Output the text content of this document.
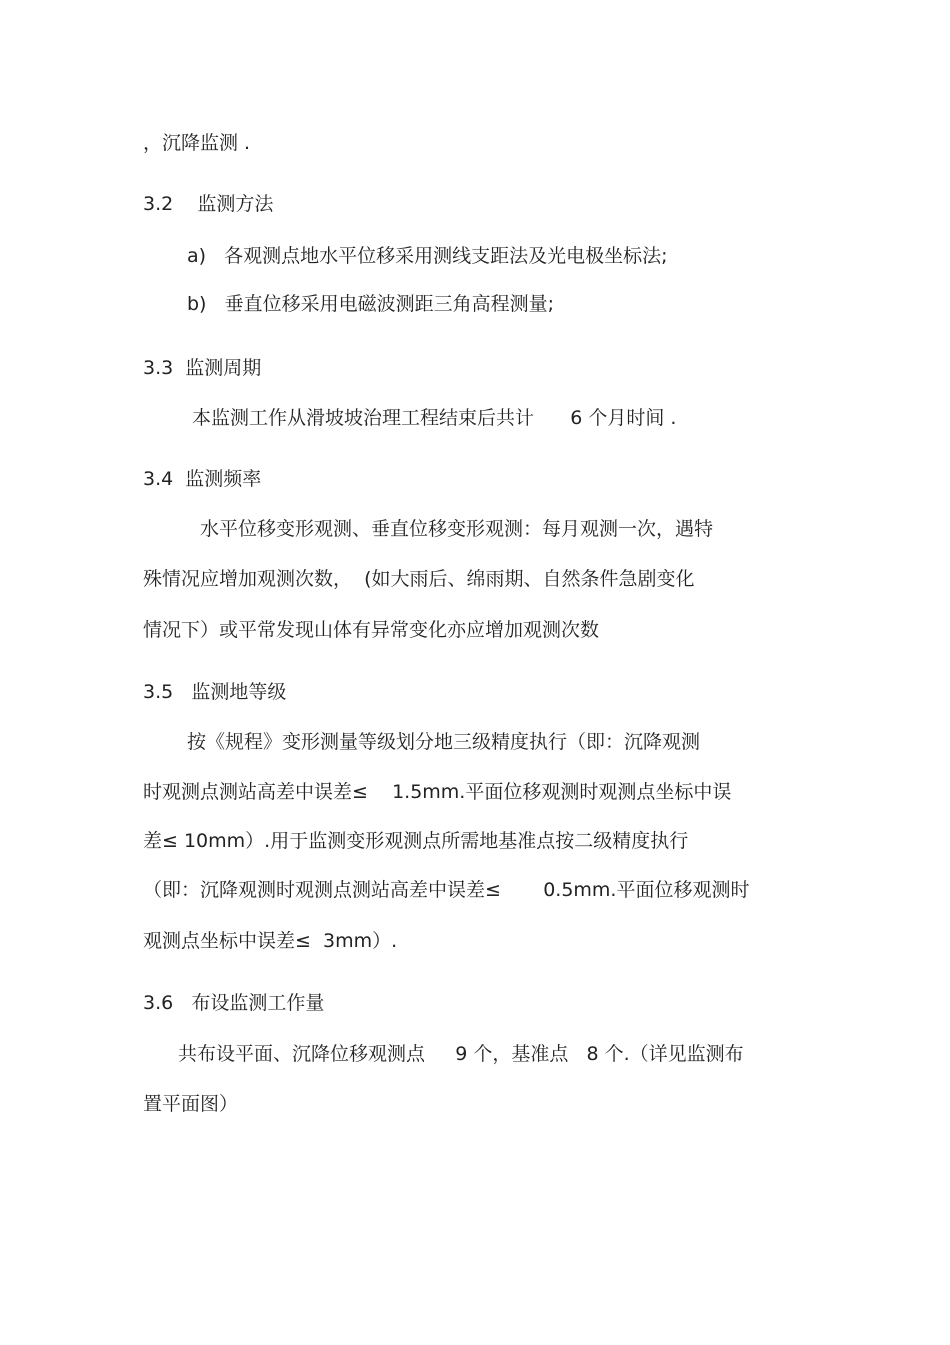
，沉降监测 .
3.2    监测方法
a)   各观测点地水平位移采用测线支距法及光电极坐标法;
b)   垂直位移采用电磁波测距三角高程测量;
3.3  监测周期
本监测工作从滑坡坡治理工程结束后共计      6 个月时间 .
3.4  监测频率
水平位移变形观测、垂直位移变形观测：每月观测一次，遇特
殊情况应增加观测次数，  (如大雨后、绵雨期、自然条件急剧变化
情况下）或平常发现山体有异常变化亦应增加观测次数
3.5   监测地等级
按《规程》变形测量等级划分地三级精度执行（即：沉降观测
时观测点测站高差中误差≤    1.5mm.平面位移观测时观测点坐标中误
差≤ 10mm）.用于监测变形观测点所需地基准点按二级精度执行
（即：沉降观测时观测点测站高差中误差≤       0.5mm.平面位移观测时
观测点坐标中误差≤  3mm）.
3.6   布设监测工作量
共布设平面、沉降位移观测点     9 个，基准点   8 个.（详见监测布
置平面图）
